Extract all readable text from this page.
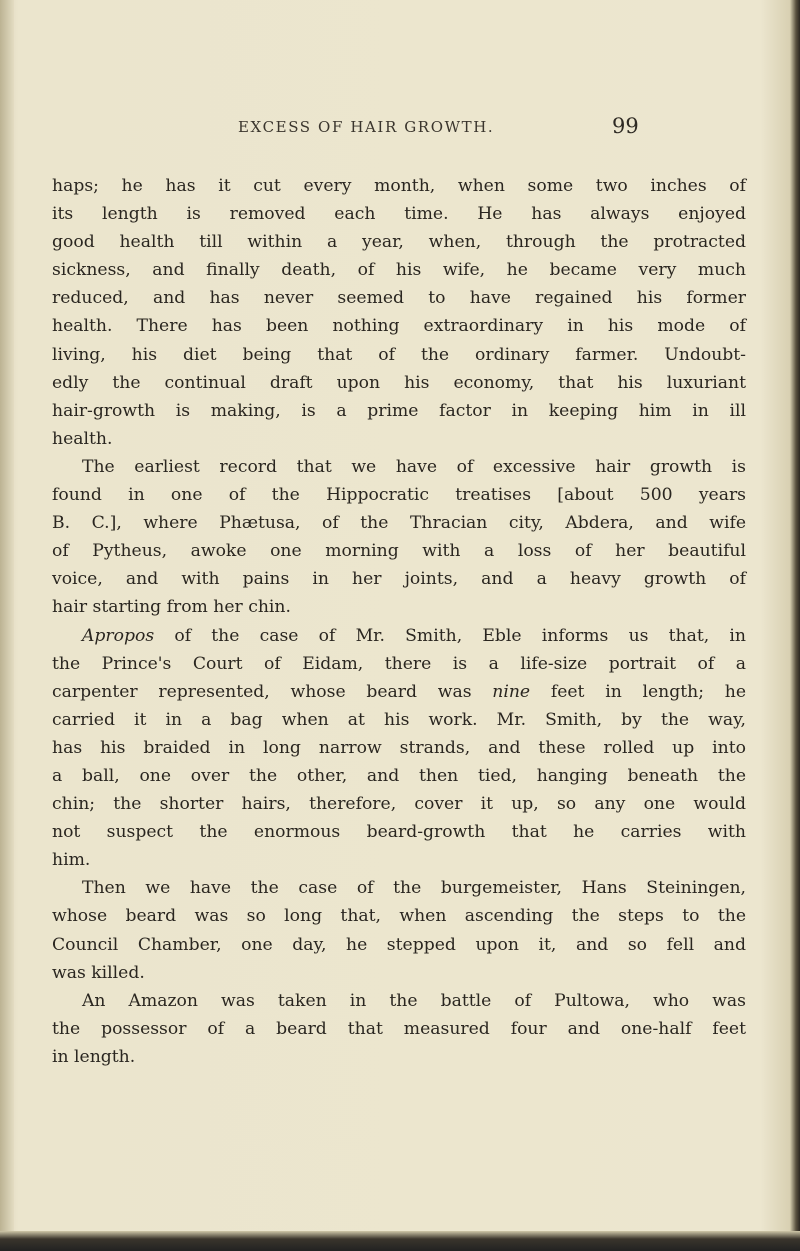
EXCESS OF HAIR GROWTH.	99
haps; he has it cut every month, when some two inches of
its length is removed each time. He has always enjoyed
good health till within a year, when, through the protracted
sickness, and finally death, of his wife, he became very much
reduced, and has never seemed to have regained his former
health. There has been nothing extraordinary in his mode of
living, his diet being that of the ordinary farmer. Undoubt-
edly the continual draft upon his economy, that his luxuriant
hair-growth is making, is a prime factor in keeping him in ill
health.
The earliest record that we have of excessive hair growth is
found in one of the Hippocratic treatises [about 500 years
B. C.], where Phætusa, of the Thracian city, Abdera, and wife
of Pytheus, awoke one morning with a loss of her beautiful
voice, and with pains in her joints, and a heavy growth of
hair starting from her chin.
Apropos of the case of Mr. Smith, Eble informs us that, in
the Prince's Court of Eidam, there is a life-size portrait of a
carpenter represented, whose beard was nine feet in length; he
carried it in a bag when at his work. Mr. Smith, by the way,
has his braided in long narrow strands, and these rolled up into
a ball, one over the other, and then tied, hanging beneath the
chin; the shorter hairs, therefore, cover it up, so any one would
not suspect the enormous beard-growth that he carries with
him.
Then we have the case of the burgemeister, Hans Steiningen,
whose beard was so long that, when ascending the steps to the
Council Chamber, one day, he stepped upon it, and so fell and
was killed.
An Amazon was taken in the battle of Pultowa, who was
the possessor of a beard that measured four and one-half feet
in length.
